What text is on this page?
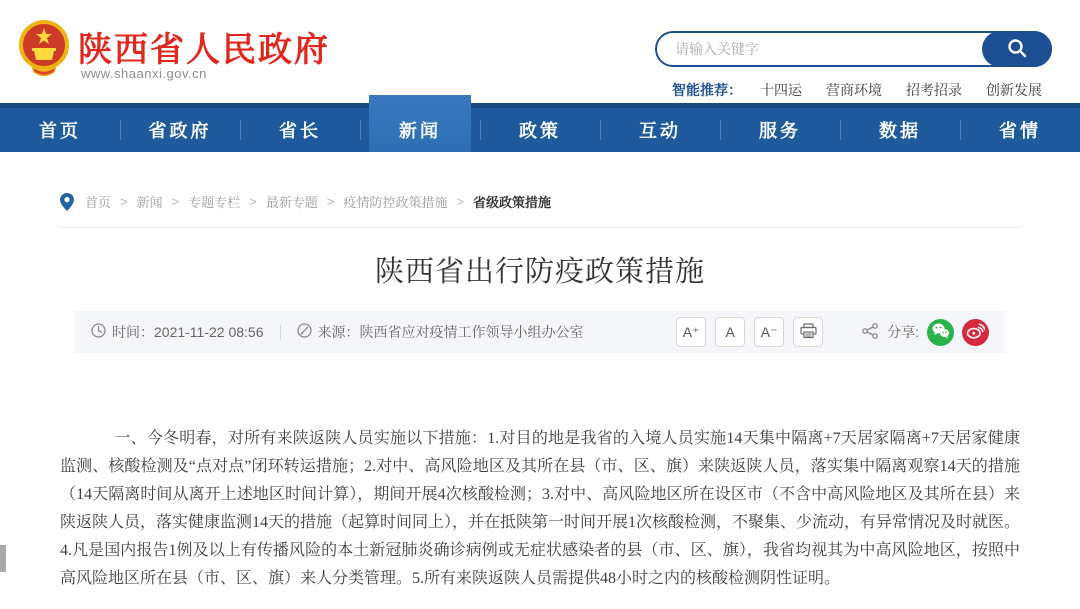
陕西省人民政府
www.shaanxi.gov.cn
请输入关键字
智能推荐： 十四运 营商环境 招考招录 创新发展
首页	省政府	省长	新闻	政策	互动	服务	数据	省情
首页 > 新闻 > 专题专栏 > 最新专题 > 疫情防控政策措施 > 省级政策措施
陕西省出行防疫政策措施
时间：2021-11-22 08:56	来源：陕西省应对疫情工作领导小组办公室	A⁺	A	A⁻	分享:

一、今冬明春，对所有来陕返陕人员实施以下措施：1.对目的地是我省的入境人员实施14天集中隔离+7天居家隔离+7天居家健康监测、核酸检测及“点对点”闭环转运措施；2.对中、高风险地区及其所在县（市、区、旗）来陕返陕人员，落实集中隔离观察14天的措施（14天隔离时间从离开上述地区时间计算），期间开展4次核酸检测；3.对中、高风险地区所在设区市（不含中高风险地区及其所在县）来陕返陕人员，落实健康监测14天的措施（起算时间同上），并在抵陕第一时间开展1次核酸检测，不聚集、少流动，有异常情况及时就医。4.凡是国内报告1例及以上有传播风险的本土新冠肺炎确诊病例或无症状感染者的县（市、区、旗），我省均视其为中高风险地区，按照中高风险地区所在县（市、区、旗）来人分类管理。5.所有来陕返陕人员需提供48小时之内的核酸检测阴性证明。
